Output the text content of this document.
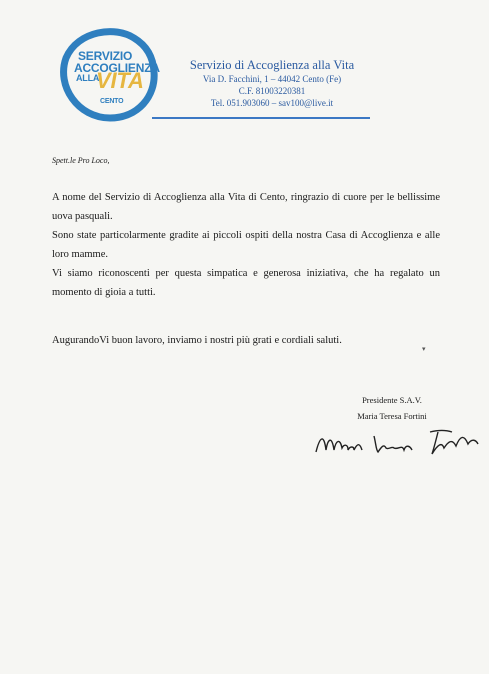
SERVIZIO
ACCOGLIENZA
ALLA
VITA
CENTO
Servizio di Accoglienza alla Vita
Via D. Facchini, 1 – 44042 Cento (Fe)
C.F. 81003220381
Tel. 051.903060 – sav100@live.it
Spett.le Pro Loco,

A nome del Servizio di Accoglienza alla Vita di Cento, ringrazio di cuore per le bellissime uova pasquali.

Sono state particolarmente gradite ai piccoli ospiti della nostra Casa di Accoglienza e alle loro mamme.

Vi siamo riconoscenti per questa simpatica e generosa iniziativa, che ha regalato un momento di gioia a tutti.

AugurandoVi buon lavoro, inviamo i nostri più grati e cordiali saluti.
▾
Presidente S.A.V.
Maria Teresa Fortini
